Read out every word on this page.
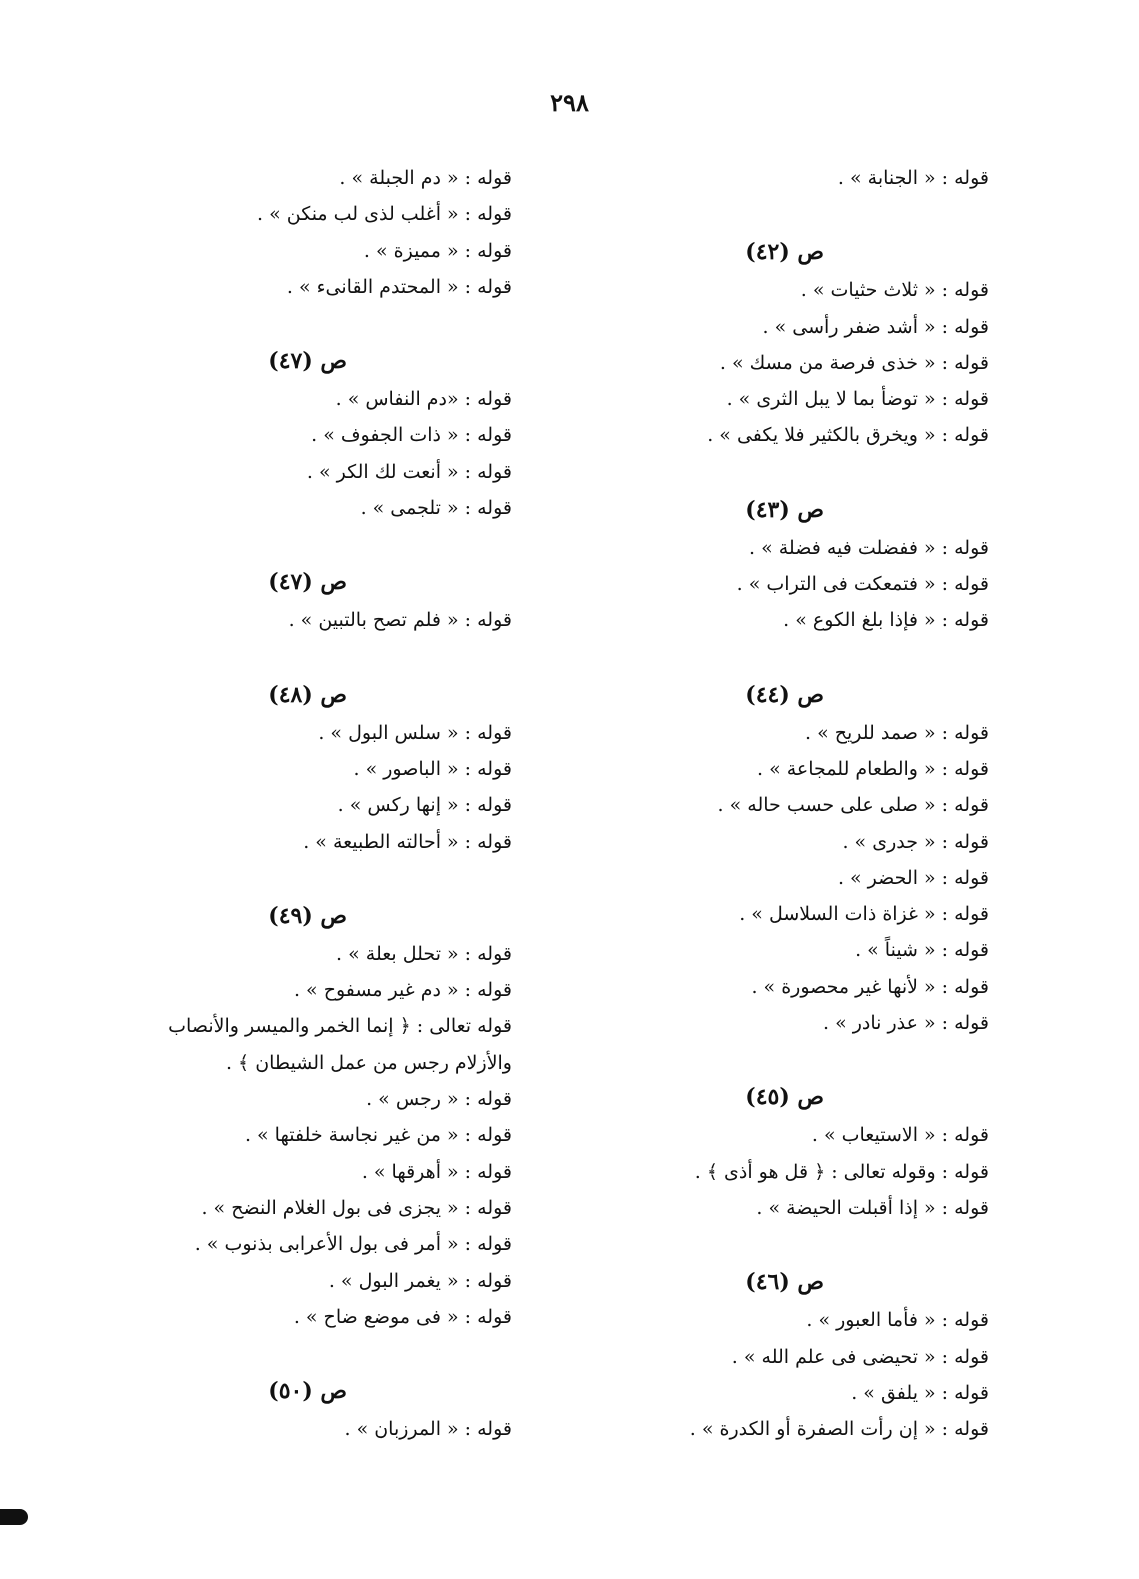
٢٩٨
قوله : « الجنابة » .
ص (٤٢)
قوله : « ثلاث حثيات » .
قوله : « أشد ضفر رأسى » .
قوله : « خذى فرصة من مسك » .
قوله : « توضأ بما لا يبل الثرى » .
قوله : « ويخرق بالكثير فلا يكفى » .
ص (٤٣)
قوله : « ففضلت فيه فضلة » .
قوله : « فتمعكت فى التراب » .
قوله : « فإذا بلغ الكوع » .
ص (٤٤)
قوله : « صمد للريح » .
قوله : « والطعام للمجاعة » .
قوله : « صلى على حسب حاله » .
قوله : « جدرى » .
قوله : « الحضر » .
قوله : « غزاة ذات السلاسل » .
قوله : « شيناً » .
قوله : « لأنها غير محصورة » .
قوله : « عذر نادر » .
ص (٤٥)
قوله : « الاستيعاب » .
قوله : وقوله تعالى : ﴿ قل هو أذى ﴾ .
قوله : « إذا أقبلت الحيضة » .
ص (٤٦)
قوله : « فأما العبور » .
قوله : « تحيضى فى علم الله » .
قوله : « يلفق » .
قوله : « إن رأت الصفرة أو الكدرة » .
قوله : « دم الجبلة » .
قوله : « أغلب لذى لب منكن » .
قوله : « مميزة » .
قوله : « المحتدم القانىء » .
ص (٤٧)
قوله : «دم النفاس » .
قوله : « ذات الجفوف » .
قوله : « أنعت لك الكر » .
قوله : « تلجمى » .
ص (٤٧)
قوله : « فلم تصح بالتبين » .
ص (٤٨)
قوله : « سلس البول » .
قوله : « الباصور » .
قوله : « إنها ركس » .
قوله : « أحالته الطبيعة » .
ص (٤٩)
قوله : « تحلل بعلة » .
قوله : « دم غير مسفوح » .
قوله تعالى : ﴿ إنما الخمر والميسر والأنصاب
والأزلام رجس من عمل الشيطان ﴾ .
قوله : « رجس » .
قوله : « من غير نجاسة خلفتها » .
قوله : « أهرقها » .
قوله : « يجزى فى بول الغلام النضح » .
قوله : « أمر فى بول الأعرابى بذنوب » .
قوله : « يغمر البول » .
قوله : « فى موضع ضاح » .
ص (٥٠)
قوله : « المرزبان » .
